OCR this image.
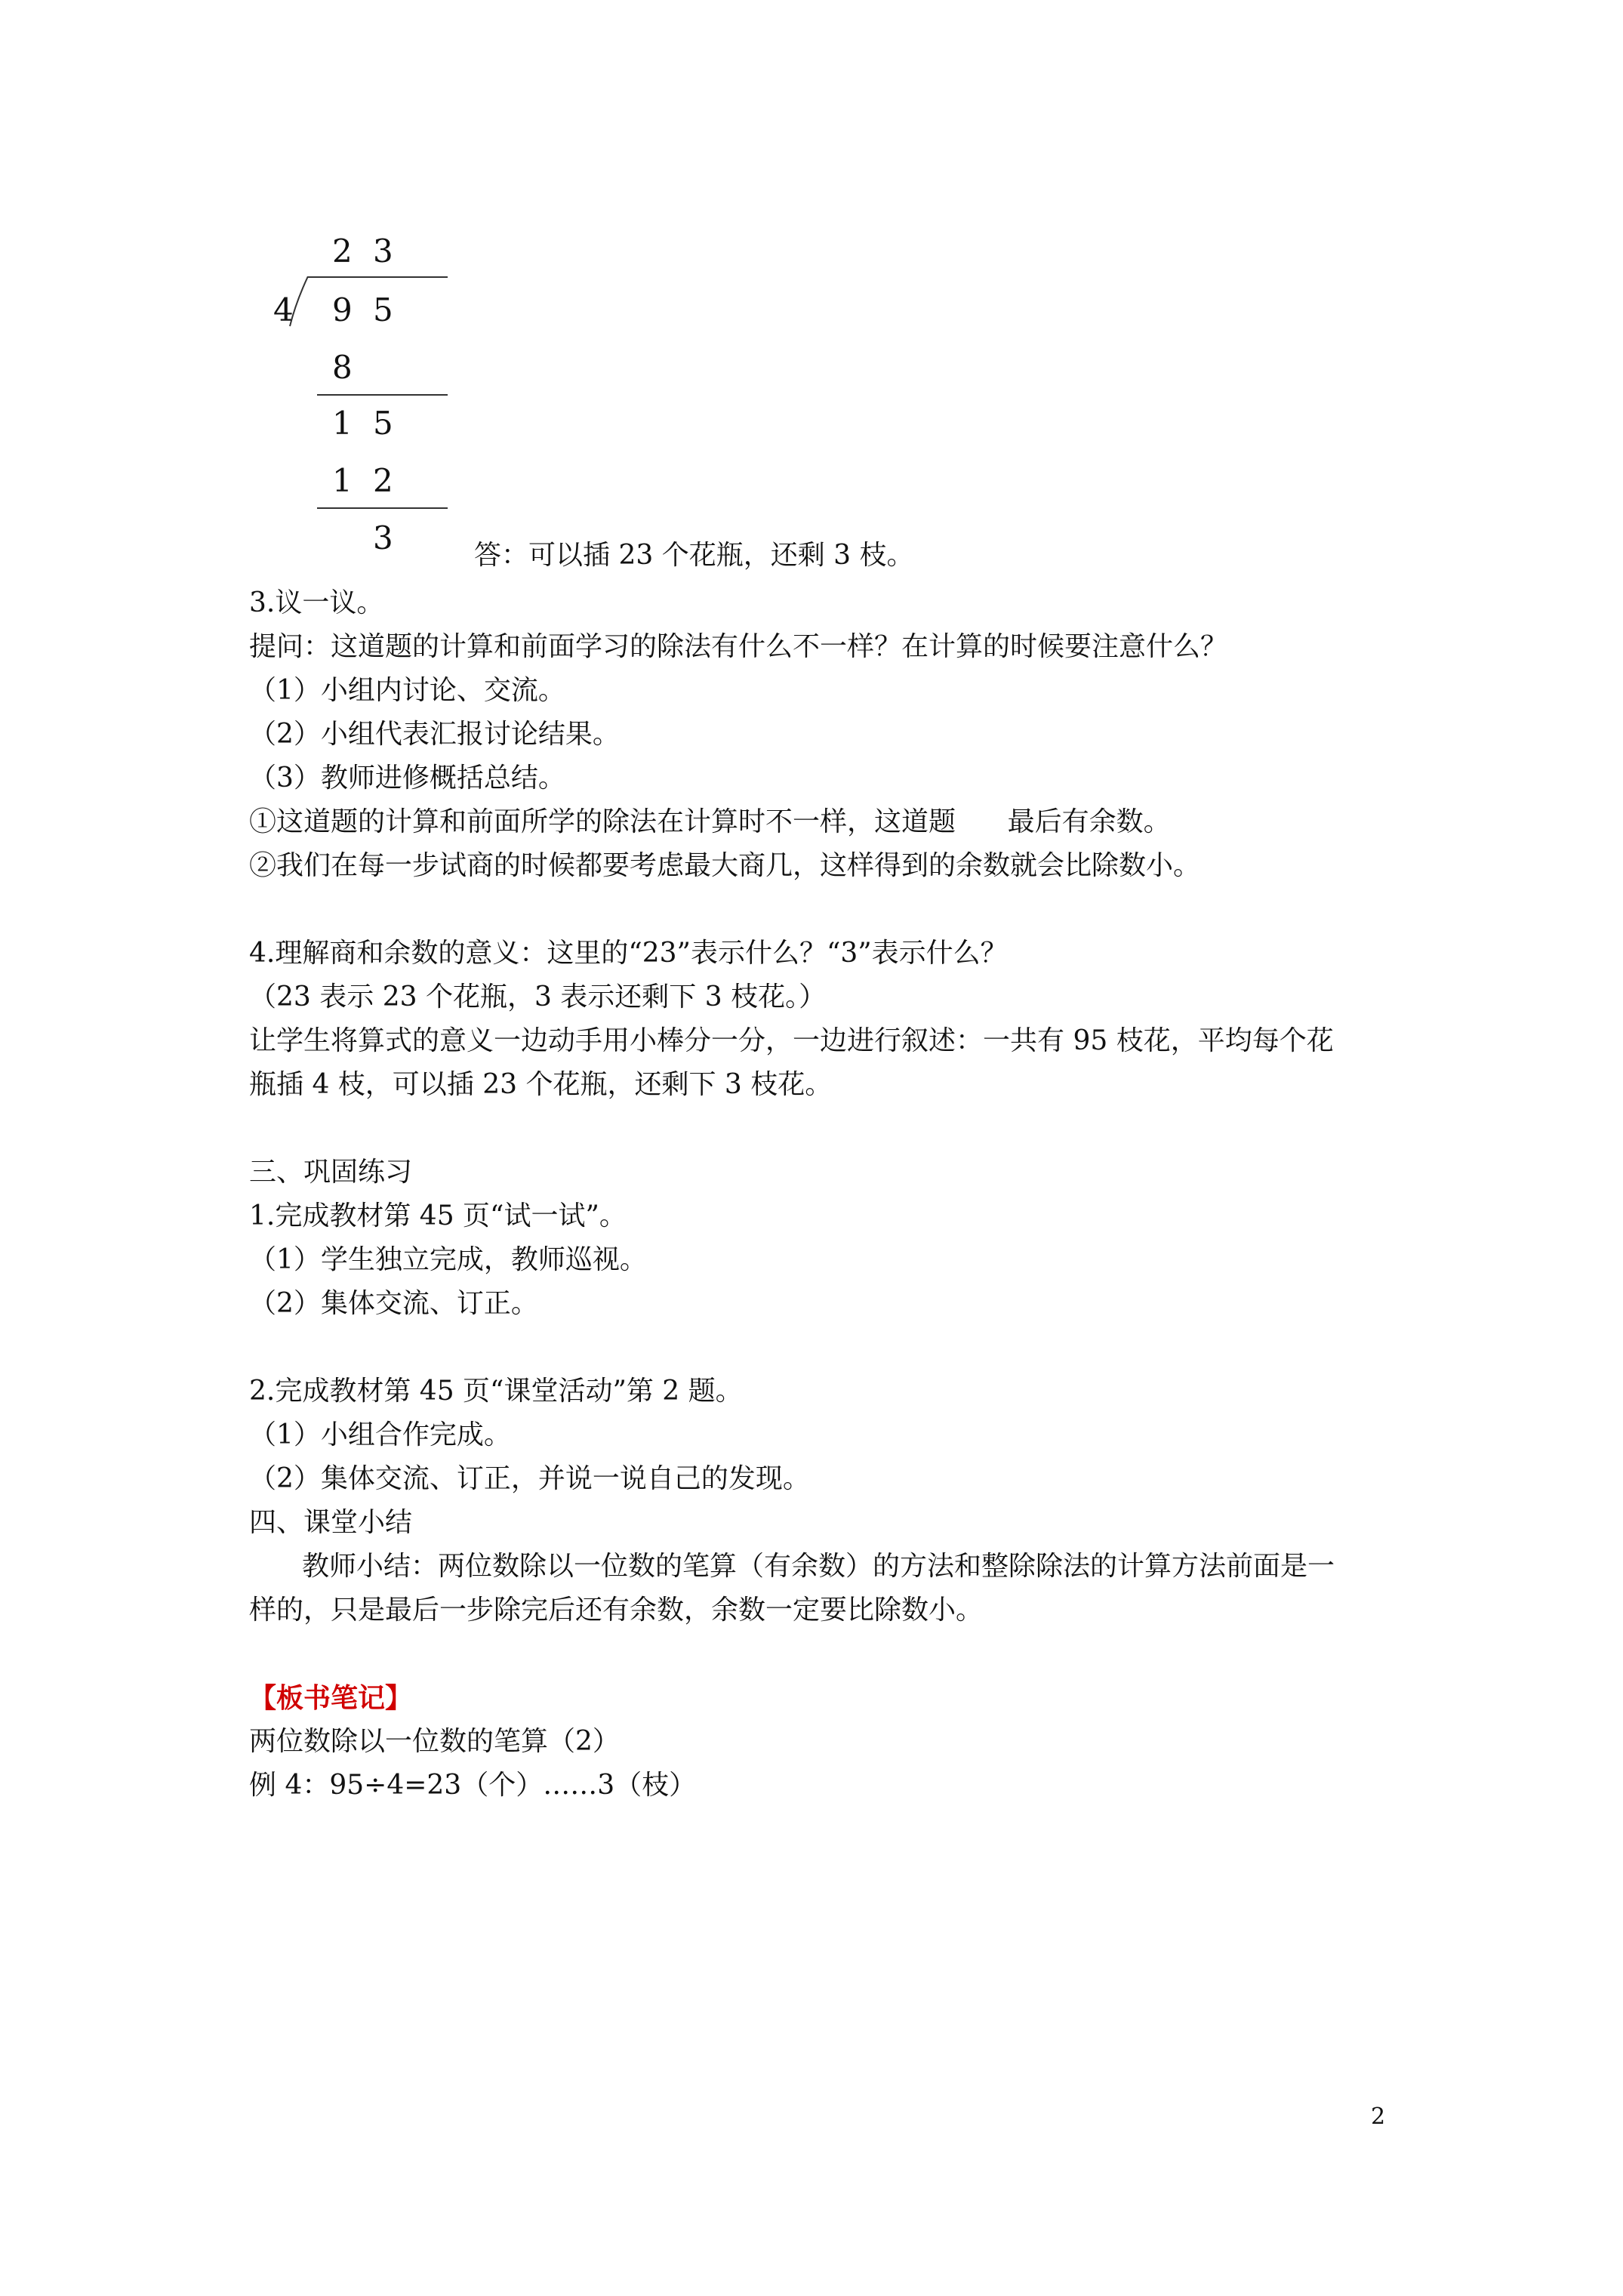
2 3
4 9 5
8
1 5
1 2
3	答：可以插 23 个花瓶，还剩 3 枝。

3.议一议。

提问：这道题的计算和前面学习的除法有什么不一样？在计算的时候要注意什么？

（1）小组内讨论、交流。

（2）小组代表汇报讨论结果。

（3）教师进修概括总结。

①这道题的计算和前面所学的除法在计算时不一样，这道题      最后有余数。

②我们在每一步试商的时候都要考虑最大商几，这样得到的余数就会比除数小。

4.理解商和余数的意义：这里的“23”表示什么？“3”表示什么？

（23 表示 23 个花瓶，3 表示还剩下 3 枝花。）

让学生将算式的意义一边动手用小棒分一分，一边进行叙述：一共有 95 枝花，平均每个花

瓶插 4 枝，可以插 23 个花瓶，还剩下 3 枝花。

三、巩固练习

1.完成教材第 45 页“试一试”。

（1）学生独立完成，教师巡视。

（2）集体交流、订正。

2.完成教材第 45 页“课堂活动”第 2 题。

（1）小组合作完成。

（2）集体交流、订正，并说一说自己的发现。

四、课堂小结

教师小结：两位数除以一位数的笔算（有余数）的方法和整除除法的计算方法前面是一

样的，只是最后一步除完后还有余数，余数一定要比除数小。

【板书笔记】

两位数除以一位数的笔算（2）

例 4：95÷4=23（个）……3（枝）

2
